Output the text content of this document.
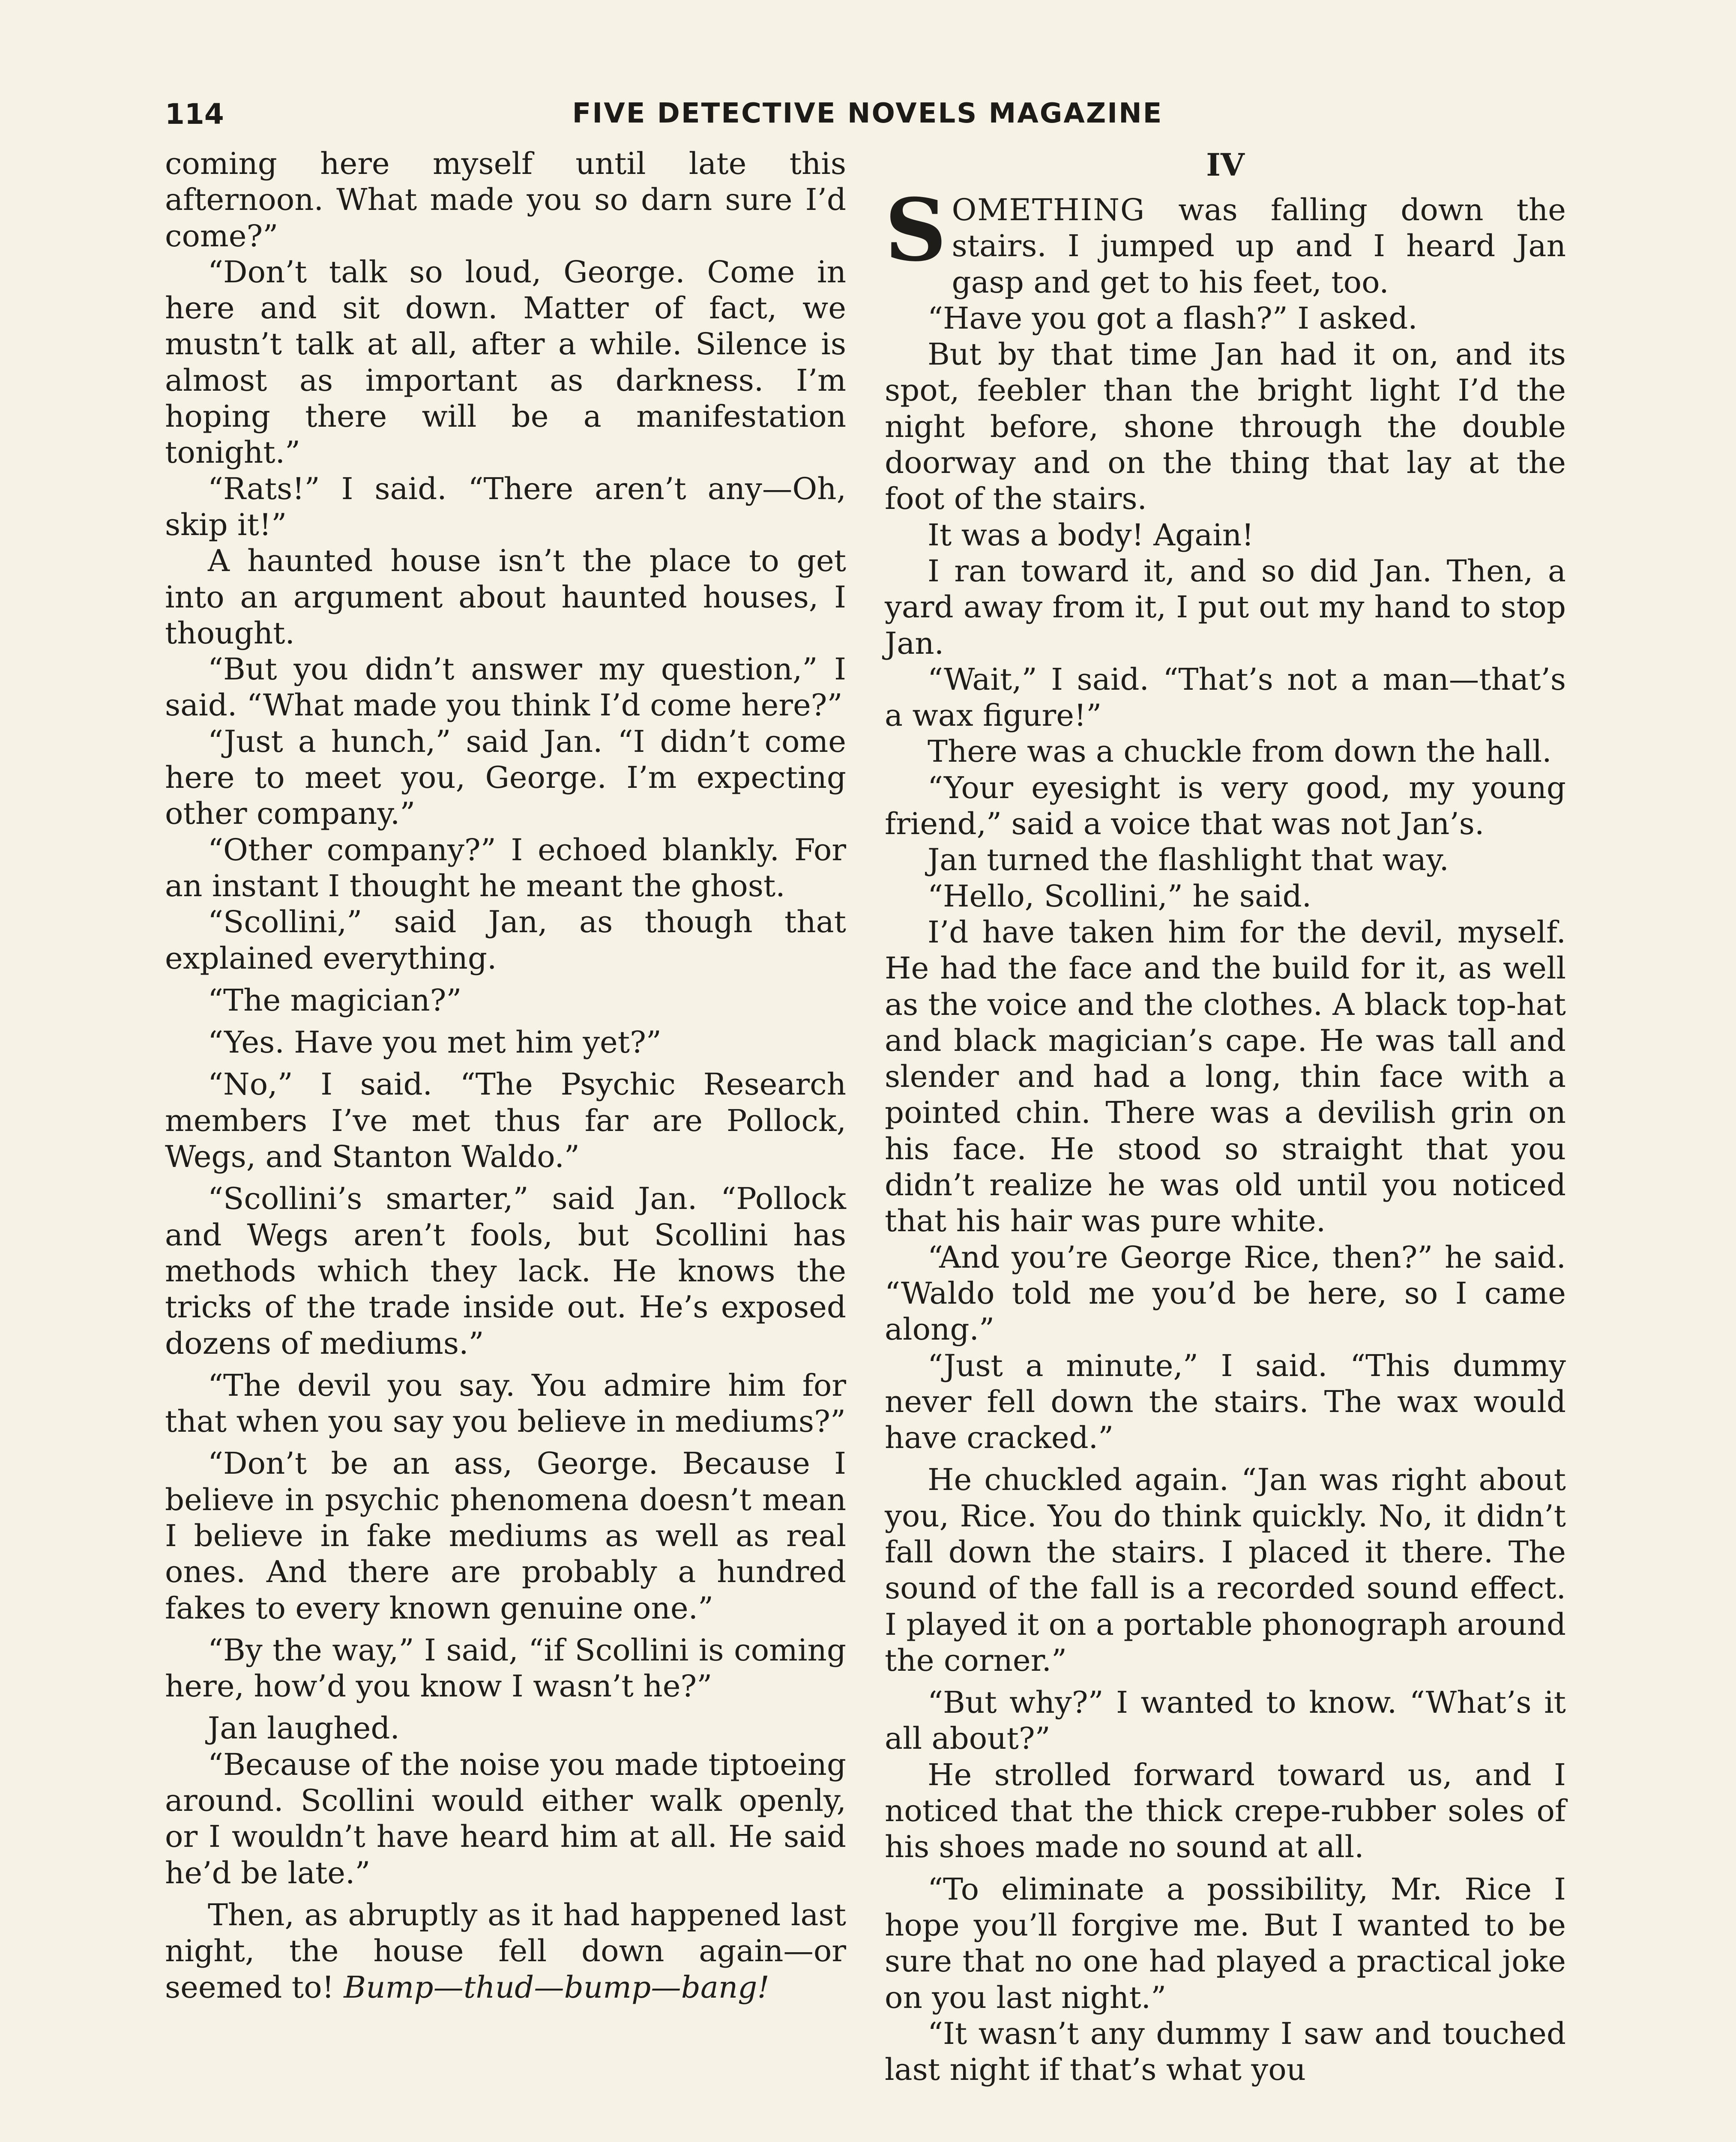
114	FIVE DETECTIVE NOVELS MAGAZINE

coming here myself until late this afternoon. What made you so darn sure I’d come?”

“Don’t talk so loud, George. Come in here and sit down. Matter of fact, we mustn’t talk at all, after a while. Silence is almost as important as darkness. I’m hoping there will be a manifestation tonight.”

“Rats!” I said. “There aren’t any—Oh, skip it!”

A haunted house isn’t the place to get into an argument about haunted houses, I thought.

“But you didn’t answer my question,” I said. “What made you think I’d come here?”

“Just a hunch,” said Jan. “I didn’t come here to meet you, George. I’m expecting other company.”

“Other company?” I echoed blankly. For an instant I thought he meant the ghost.

“Scollini,” said Jan, as though that explained everything.

“The magician?”

“Yes. Have you met him yet?”

“No,” I said. “The Psychic Research members I’ve met thus far are Pollock, Wegs, and Stanton Waldo.”

“Scollini’s smarter,” said Jan. “Pollock and Wegs aren’t fools, but Scollini has methods which they lack. He knows the tricks of the trade inside out. He’s exposed dozens of mediums.”

“The devil you say. You admire him for that when you say you believe in mediums?”

“Don’t be an ass, George. Because I believe in psychic phenomena doesn’t mean I believe in fake mediums as well as real ones. And there are probably a hundred fakes to every known genuine one.”

“By the way,” I said, “if Scollini is coming here, how’d you know I wasn’t he?”

Jan laughed.

“Because of the noise you made tiptoeing around. Scollini would either walk openly, or I wouldn’t have heard him at all. He said he’d be late.”

Then, as abruptly as it had happened last night, the house fell down again—or seemed to! Bump—thud—bump—bang!

IV

SOMETHING was falling down the stairs. I jumped up and I heard Jan gasp and get to his feet, too.

“Have you got a flash?” I asked.

But by that time Jan had it on, and its spot, feebler than the bright light I’d the night before, shone through the double doorway and on the thing that lay at the foot of the stairs.

It was a body! Again!

I ran toward it, and so did Jan. Then, a yard away from it, I put out my hand to stop Jan.

“Wait,” I said. “That’s not a man—that’s a wax figure!”

There was a chuckle from down the hall.

“Your eyesight is very good, my young friend,” said a voice that was not Jan’s.

Jan turned the flashlight that way.

“Hello, Scollini,” he said.

I’d have taken him for the devil, myself. He had the face and the build for it, as well as the voice and the clothes. A black top-hat and black magician’s cape. He was tall and slender and had a long, thin face with a pointed chin. There was a devilish grin on his face. He stood so straight that you didn’t realize he was old until you noticed that his hair was pure white.

“And you’re George Rice, then?” he said. “Waldo told me you’d be here, so I came along.”

“Just a minute,” I said. “This dummy never fell down the stairs. The wax would have cracked.”

He chuckled again. “Jan was right about you, Rice. You do think quickly. No, it didn’t fall down the stairs. I placed it there. The sound of the fall is a recorded sound effect. I played it on a portable phonograph around the corner.”

“But why?” I wanted to know. “What’s it all about?”

He strolled forward toward us, and I noticed that the thick crepe-rubber soles of his shoes made no sound at all.

“To eliminate a possibility, Mr. Rice I hope you’ll forgive me. But I wanted to be sure that no one had played a practical joke on you last night.”

“It wasn’t any dummy I saw and touched last night if that’s what you
